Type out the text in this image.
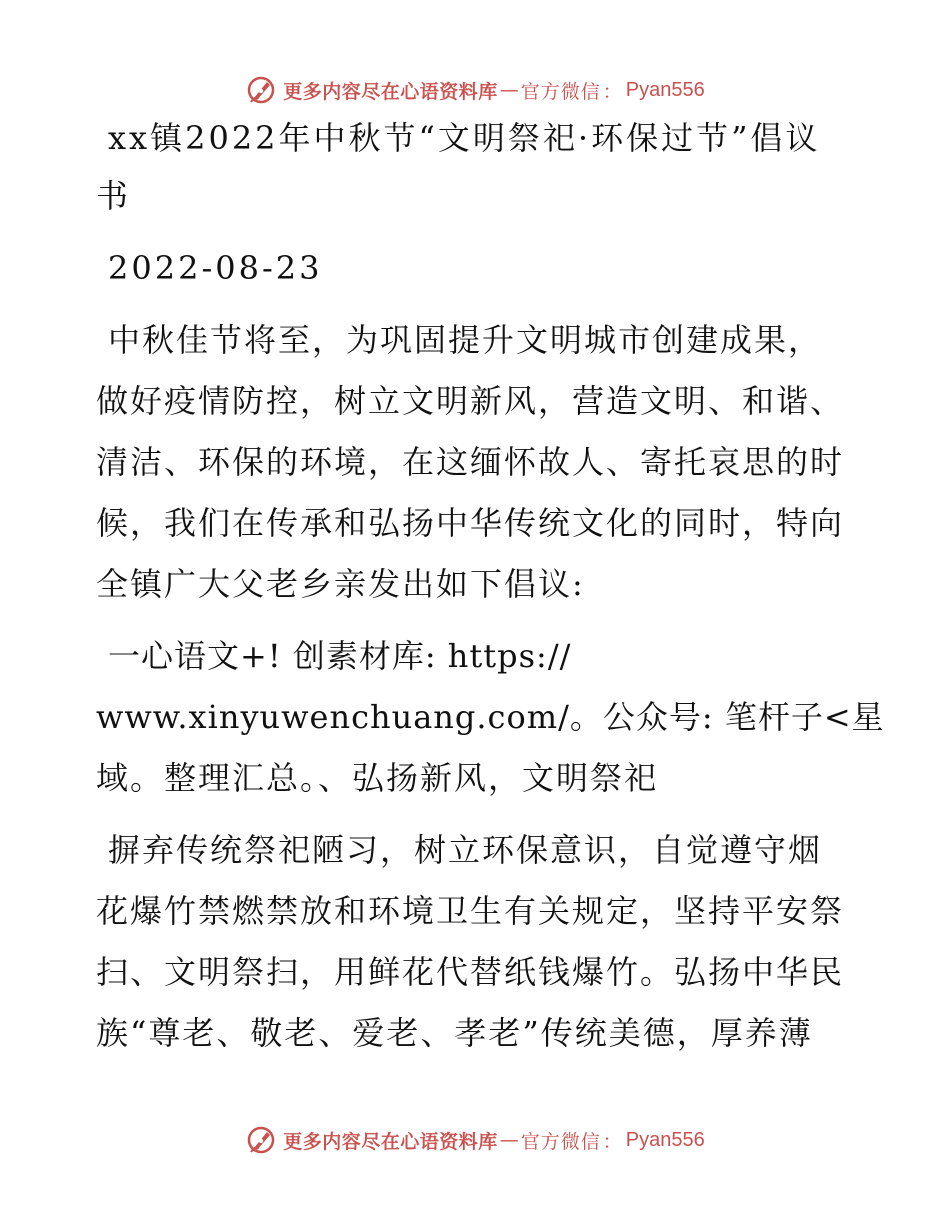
更多内容尽在心语资料库 — 官方微信 ： Pyan556
xx镇2022年中秋节“文明祭祀·环保过节”倡议
书
2022-08-23
中秋佳节将至，为巩固提升文明城市创建成果，
做好疫情防控，树立文明新风，营造文明、和谐、
清洁、环保的环境，在这缅怀故人、寄托哀思的时
候，我们在传承和弘扬中华传统文化的同时，特向
全镇广大父老乡亲发出如下倡议:
一心语文+! 创素材库: https://
www.xinyuwenchuang.com/。公众号: 笔杆子<星
域。整理汇总。、弘扬新风，文明祭祀
摒弃传统祭祀陋习，树立环保意识，自觉遵守烟
花爆竹禁燃禁放和环境卫生有关规定，坚持平安祭
扫、文明祭扫，用鲜花代替纸钱爆竹。弘扬中华民
族“尊老、敬老、爱老、孝老”传统美德，厚养薄
更多内容尽在心语资料库 — 官方微信 ： Pyan556
